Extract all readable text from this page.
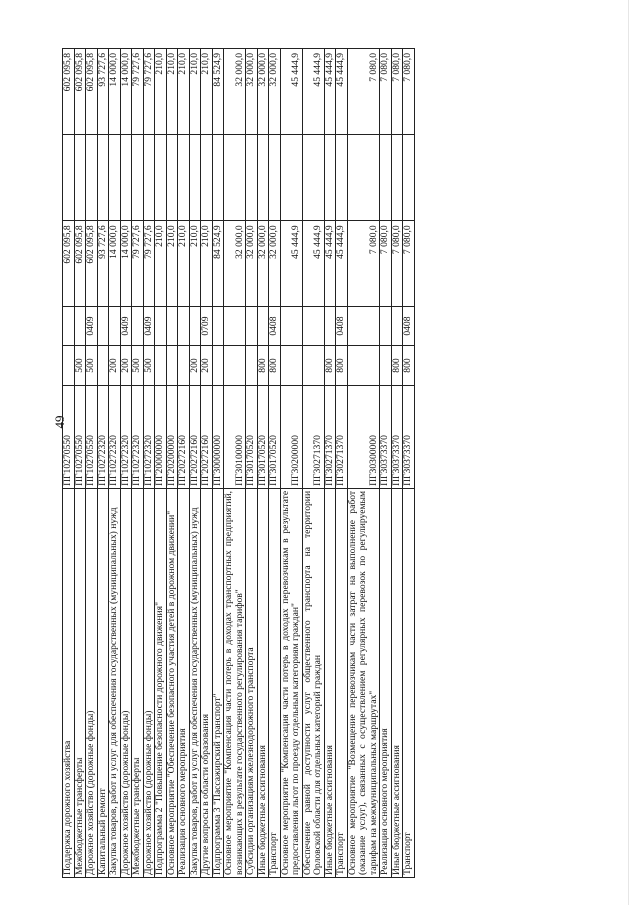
49
Поддержка дорожного хозяйства	ПГ10270550			602 095,8		602 095,8
Межбюджетные трансферты	ПГ10270550	500		602 095,8		602 095,8
Дорожное хозяйство (дорожные фонды)	ПГ10270550	500	0409	602 095,8		602 095,8
Капитальный ремонт	ПГ10272320			93 727,6		93 727,6
Закупка товаров, работ и услуг для обеспечения государственных (муниципальных) нужд	ПГ10272320	200		14 000,0		14 000,0
Дорожное хозяйство (дорожные фонды)	ПГ10272320	200	0409	14 000,0		14 000,0
Межбюджетные трансферты	ПГ10272320	500		79 727,6		79 727,6
Дорожное хозяйство (дорожные фонды)	ПГ10272320	500	0409	79 727,6		79 727,6
Подпрограмма 2 "Повышение безопасности дорожного движения"	ПГ20000000			210,0		210,0
Основное мероприятие "Обеспечение безопасного участия детей в дорожном движении"	ПГ20200000			210,0		210,0
Реализация основного мероприятия	ПГ20272160			210,0		210,0
Закупка товаров, работ и услуг для обеспечения государственных (муниципальных) нужд	ПГ20272160	200		210,0		210,0
Другие вопросы в области образования	ПГ20272160	200	0709	210,0		210,0
Подпрограмма 3 "Пассажирский транспорт"	ПГ30000000			84 524,9		84 524,9
Основное мероприятие "Компенсация части потерь в доходах транспортных предприятий, возникающих в результате государственного регулирования тарифов"	ПГ30100000			32 000,0		32 000,0
Субсидии организациям железнодорожного транспорта	ПГ30170520			32 000,0		32 000,0
Иные бюджетные ассигнования	ПГ30170520	800		32 000,0		32 000,0
Транспорт	ПГ30170520	800	0408	32 000,0		32 000,0
Основное мероприятие "Компенсация части потерь в доходах перевозчикам в результате предоставления льгот по проезду отдельным категориям граждан"	ПГ30200000			45 444,9		45 444,9
Обеспечение равной доступности услуг общественного транспорта на территории Орловской области для отдельных категорий граждан	ПГ30271370			45 444,9		45 444,9
Иные бюджетные ассигнования	ПГ30271370	800		45 444,9		45 444,9
Транспорт	ПГ30271370	800	0408	45 444,9		45 444,9
Основное мероприятие "Возмещение перевозчикам части затрат на выполнение работ (оказание услуг), связанных с осуществлением регулярных перевозок по регулируемым тарифам на межмуниципальных маршрутах"	ПГ30300000			7 080,0		7 080,0
Реализация основного мероприятия	ПГ30373370			7 080,0		7 080,0
Иные бюджетные ассигнования	ПГ30373370	800		7 080,0		7 080,0
Транспорт	ПГ30373370	800	0408	7 080,0		7 080,0
